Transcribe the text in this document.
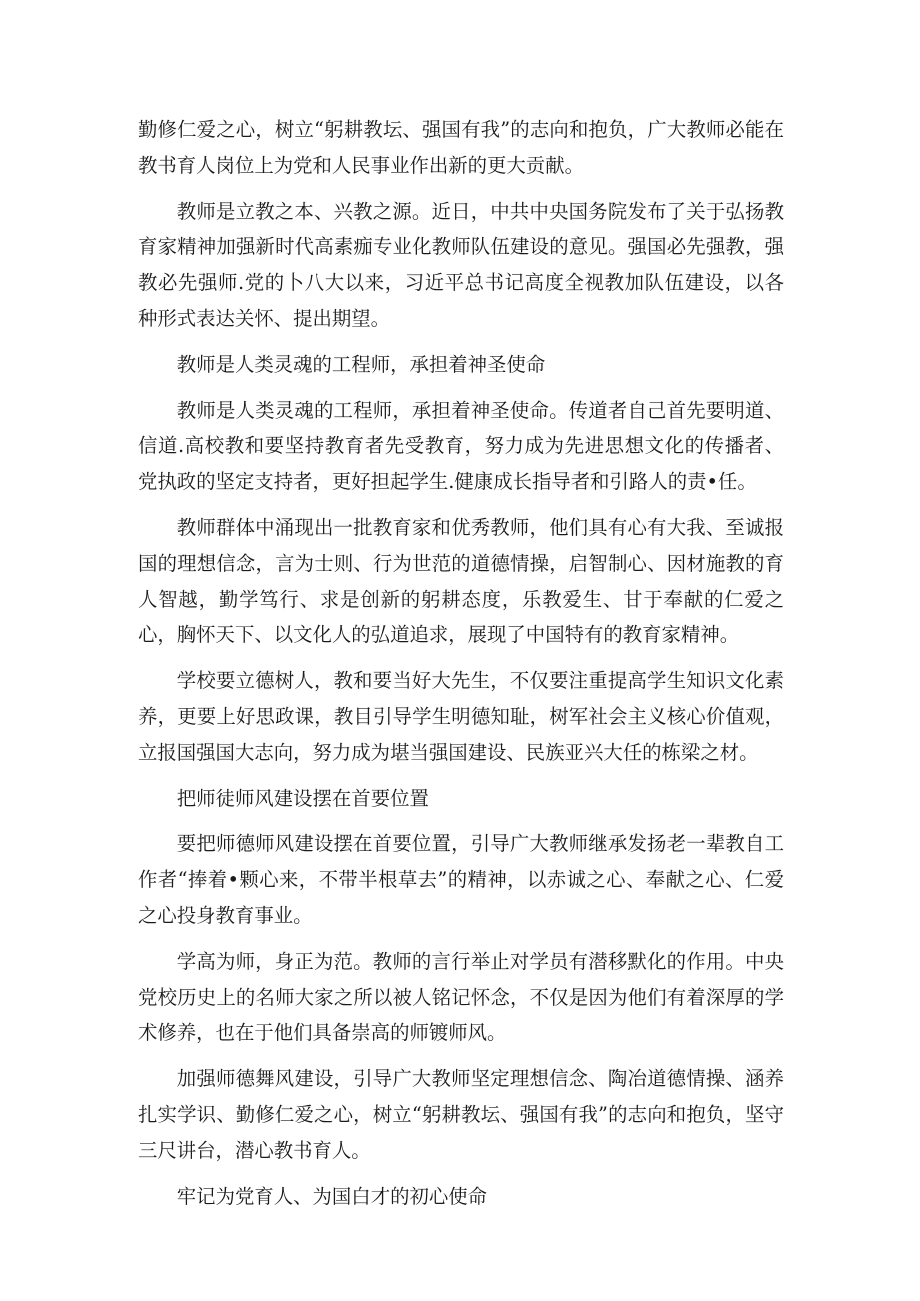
勤修仁爱之心，树立“躬耕教坛、强国有我”的志向和抱负，广大教师必能在教书育人岗位上为党和人民事业作出新的更大贡献。

教师是立教之本、兴教之源。近日，中共中央国务院发布了关于弘扬教育家精神加强新时代高素痂专业化教师队伍建设的意见。强国必先强教，强教必先强师.党的卜八大以来，习近平总书记高度全视教加队伍建设，以各种形式表达关怀、提出期望。

教师是人类灵魂的工程师，承担着神圣使命

教师是人类灵魂的工程师，承担着神圣使命。传道者自己首先要明道、信道.高校教和要坚持教育者先受教育，努力成为先进思想文化的传播者、党执政的坚定支持者，更好担起学生.健康成长指导者和引路人的责•任。

教师群体中涌现出一批教育家和优秀教师，他们具有心有大我、至诚报国的理想信念，言为士则、行为世范的道德情操，启智制心、因材施教的育人智越，勤学笃行、求是创新的躬耕态度，乐教爱生、甘于奉献的仁爱之心，胸怀天下、以文化人的弘道追求，展现了中国特有的教育家精神。

学校要立德树人，教和要当好大先生，不仅要注重提高学生知识文化素养，更要上好思政课，教目引导学生明德知耻，树军社会主义核心价值观，立报国强国大志向，努力成为堪当强国建设、民族亚兴大任的栋梁之材。

把师徒师风建设摆在首要位置

要把师德师风建设摆在首要位置，引导广大教师继承发扬老一辈教自工作者“捧着•颗心来，不带半根草去”的精神，以赤诚之心、奉献之心、仁爱之心投身教育事业。

学高为师，身正为范。教师的言行举止对学员有潜移默化的作用。中央党校历史上的名师大家之所以被人铭记怀念，不仅是因为他们有着深厚的学术修养，也在于他们具备崇高的师镀师风。

加强师德舞风建设，引导广大教师坚定理想信念、陶冶道德情操、涵养扎实学识、勤修仁爱之心，树立“躬耕教坛、强国有我”的志向和抱负，坚守三尺讲台，潜心教书育人。

牢记为党育人、为国白才的初心使命
